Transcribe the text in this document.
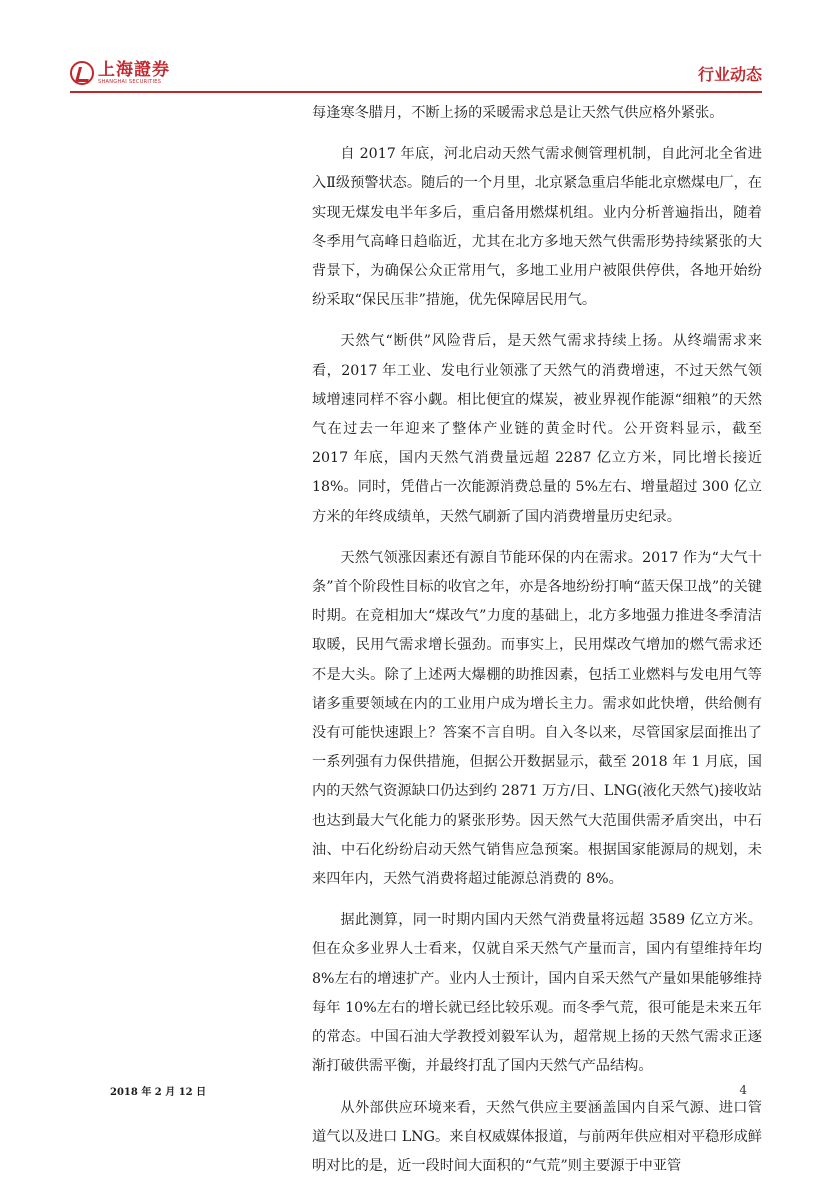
上海證券
SHANGHAI SECURITIES	行业动态

每逢寒冬腊月，不断上扬的采暖需求总是让天然气供应格外紧张。

自 2017 年底，河北启动天然气需求侧管理机制，自此河北全省进入Ⅱ级预警状态。随后的一个月里，北京紧急重启华能北京燃煤电厂，在实现无煤发电半年多后，重启备用燃煤机组。业内分析普遍指出，随着冬季用气高峰日趋临近，尤其在北方多地天然气供需形势持续紧张的大背景下，为确保公众正常用气，多地工业用户被限供停供，各地开始纷纷采取“保民压非”措施，优先保障居民用气。

天然气“断供”风险背后，是天然气需求持续上扬。从终端需求来看，2017 年工业、发电行业领涨了天然气的消费增速，不过天然气领域增速同样不容小觑。相比便宜的煤炭，被业界视作能源“细粮”的天然气在过去一年迎来了整体产业链的黄金时代。公开资料显示，截至 2017 年底，国内天然气消费量远超 2287 亿立方米，同比增长接近 18%。同时，凭借占一次能源消费总量的 5%左右、增量超过 300 亿立方米的年终成绩单，天然气刷新了国内消费增量历史纪录。

天然气领涨因素还有源自节能环保的内在需求。2017 作为“大气十条”首个阶段性目标的收官之年，亦是各地纷纷打响“蓝天保卫战”的关键时期。在竞相加大“煤改气”力度的基础上，北方多地强力推进冬季清洁取暖，民用气需求增长强劲。而事实上，民用煤改气增加的燃气需求还不是大头。除了上述两大爆棚的助推因素，包括工业燃料与发电用气等诸多重要领域在内的工业用户成为增长主力。需求如此快增，供给侧有没有可能快速跟上？答案不言自明。自入冬以来，尽管国家层面推出了一系列强有力保供措施，但据公开数据显示，截至 2018 年 1 月底，国内的天然气资源缺口仍达到约 2871 万方/日、LNG(液化天然气)接收站也达到最大气化能力的紧张形势。因天然气大范围供需矛盾突出，中石油、中石化纷纷启动天然气销售应急预案。根据国家能源局的规划，未来四年内，天然气消费将超过能源总消费的 8%。

据此测算，同一时期内国内天然气消费量将远超 3589 亿立方米。但在众多业界人士看来，仅就自采天然气产量而言，国内有望维持年均 8%左右的增速扩产。业内人士预计，国内自采天然气产量如果能够维持每年 10%左右的增长就已经比较乐观。而冬季气荒，很可能是未来五年的常态。中国石油大学教授刘毅军认为，超常规上扬的天然气需求正逐渐打破供需平衡，并最终打乱了国内天然气产品结构。

从外部供应环境来看，天然气供应主要涵盖国内自采气源、进口管道气以及进口 LNG。来自权威媒体报道，与前两年供应相对平稳形成鲜明对比的是，近一段时间大面积的“气荒”则主要源于中亚管

2018 年 2 月 12 日	4
